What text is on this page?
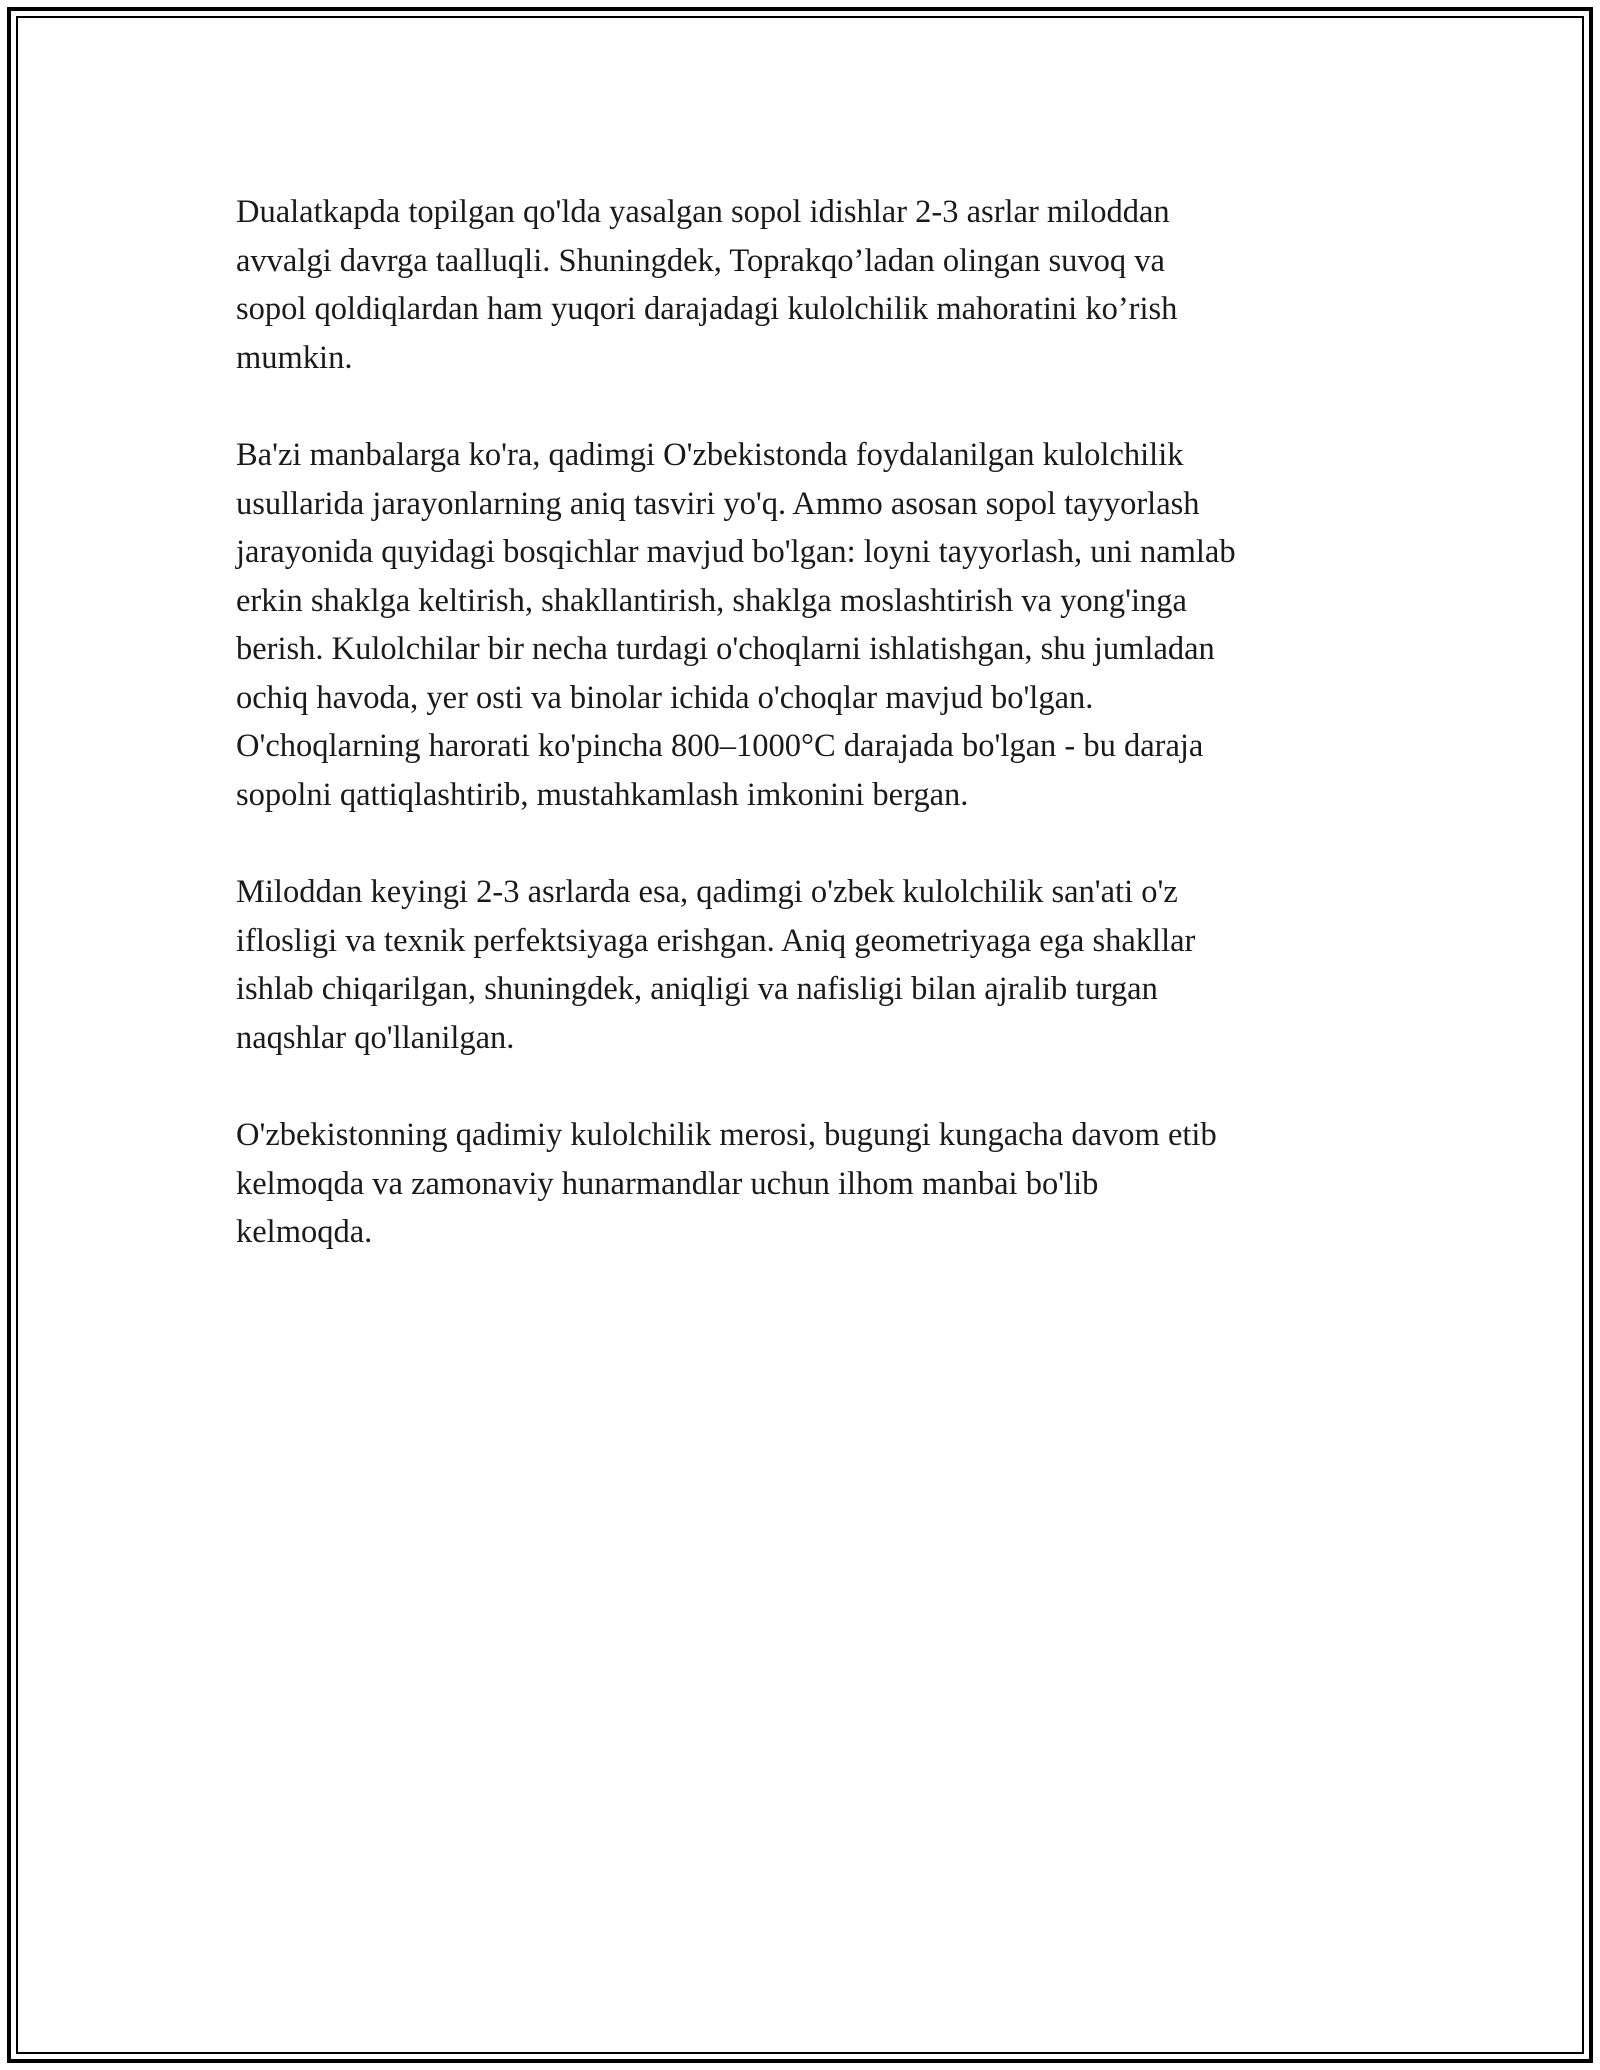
Dualatkapda topilgan qo'lda yasalgan sopol idishlar 2-3 asrlar miloddan
avvalgi davrga taalluqli. Shuningdek, Toprakqo’ladan olingan suvoq va
sopol qoldiqlardan ham yuqori darajadagi kulolchilik mahoratini ko’rish
mumkin.

Ba'zi manbalarga ko'ra, qadimgi O'zbekistonda foydalanilgan kulolchilik
usullarida jarayonlarning aniq tasviri yo'q. Ammo asosan sopol tayyorlash
jarayonida quyidagi bosqichlar mavjud bo'lgan: loyni tayyorlash, uni namlab
erkin shaklga keltirish, shakllantirish, shaklga moslashtirish va yong'inga
berish. Kulolchilar bir necha turdagi o'choqlarni ishlatishgan, shu jumladan
ochiq havoda, yer osti va binolar ichida o'choqlar mavjud bo'lgan.
O'choqlarning harorati ko'pincha 800–1000°C darajada bo'lgan - bu daraja
sopolni qattiqlashtirib, mustahkamlash imkonini bergan.

Miloddan keyingi 2-3 asrlarda esa, qadimgi o'zbek kulolchilik san'ati o'z
iflosligi va texnik perfektsiyaga erishgan. Aniq geometriyaga ega shakllar
ishlab chiqarilgan, shuningdek, aniqligi va nafisligi bilan ajralib turgan
naqshlar qo'llanilgan.

O'zbekistonning qadimiy kulolchilik merosi, bugungi kungacha davom etib
kelmoqda va zamonaviy hunarmandlar uchun ilhom manbai bo'lib
kelmoqda.
